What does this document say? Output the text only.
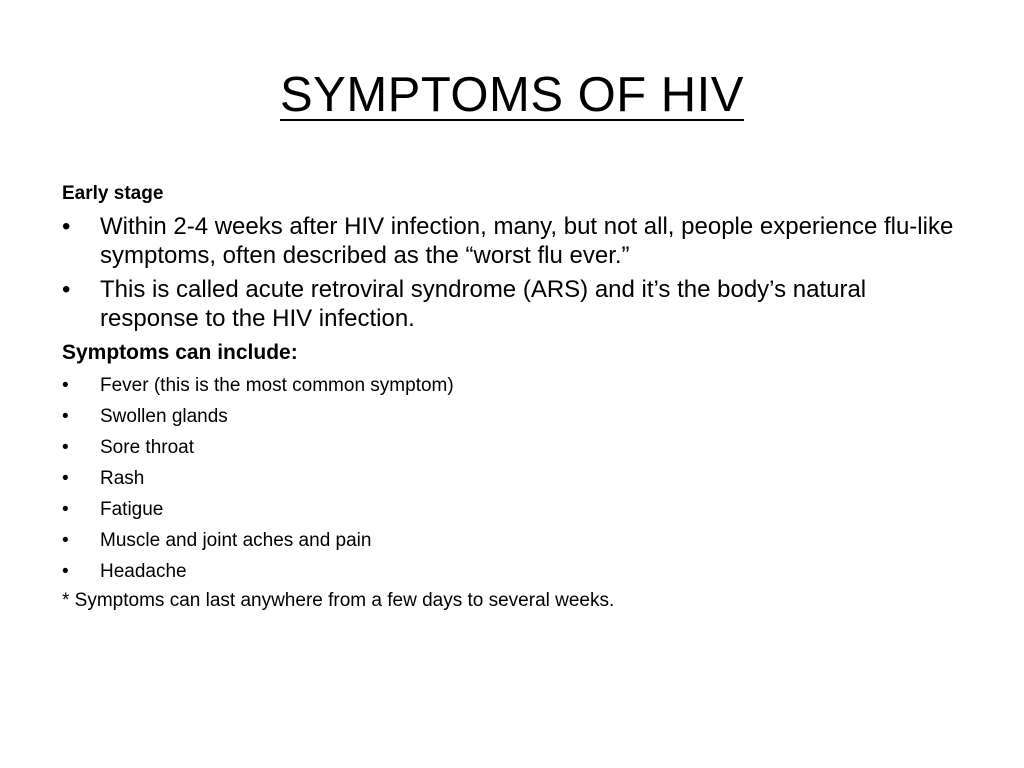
SYMPTOMS OF HIV

Early stage

• Within 2-4 weeks after HIV infection, many, but not all, people experience flu-like symptoms, often described as the “worst flu ever.”
• This is called acute retroviral syndrome (ARS) and it’s the body’s natural response to the HIV infection.

Symptoms can include:

• Fever (this is the most common symptom)
• Swollen glands
• Sore throat
• Rash
• Fatigue
• Muscle and joint aches and pain
• Headache

* Symptoms can last anywhere from a few days to several weeks.
